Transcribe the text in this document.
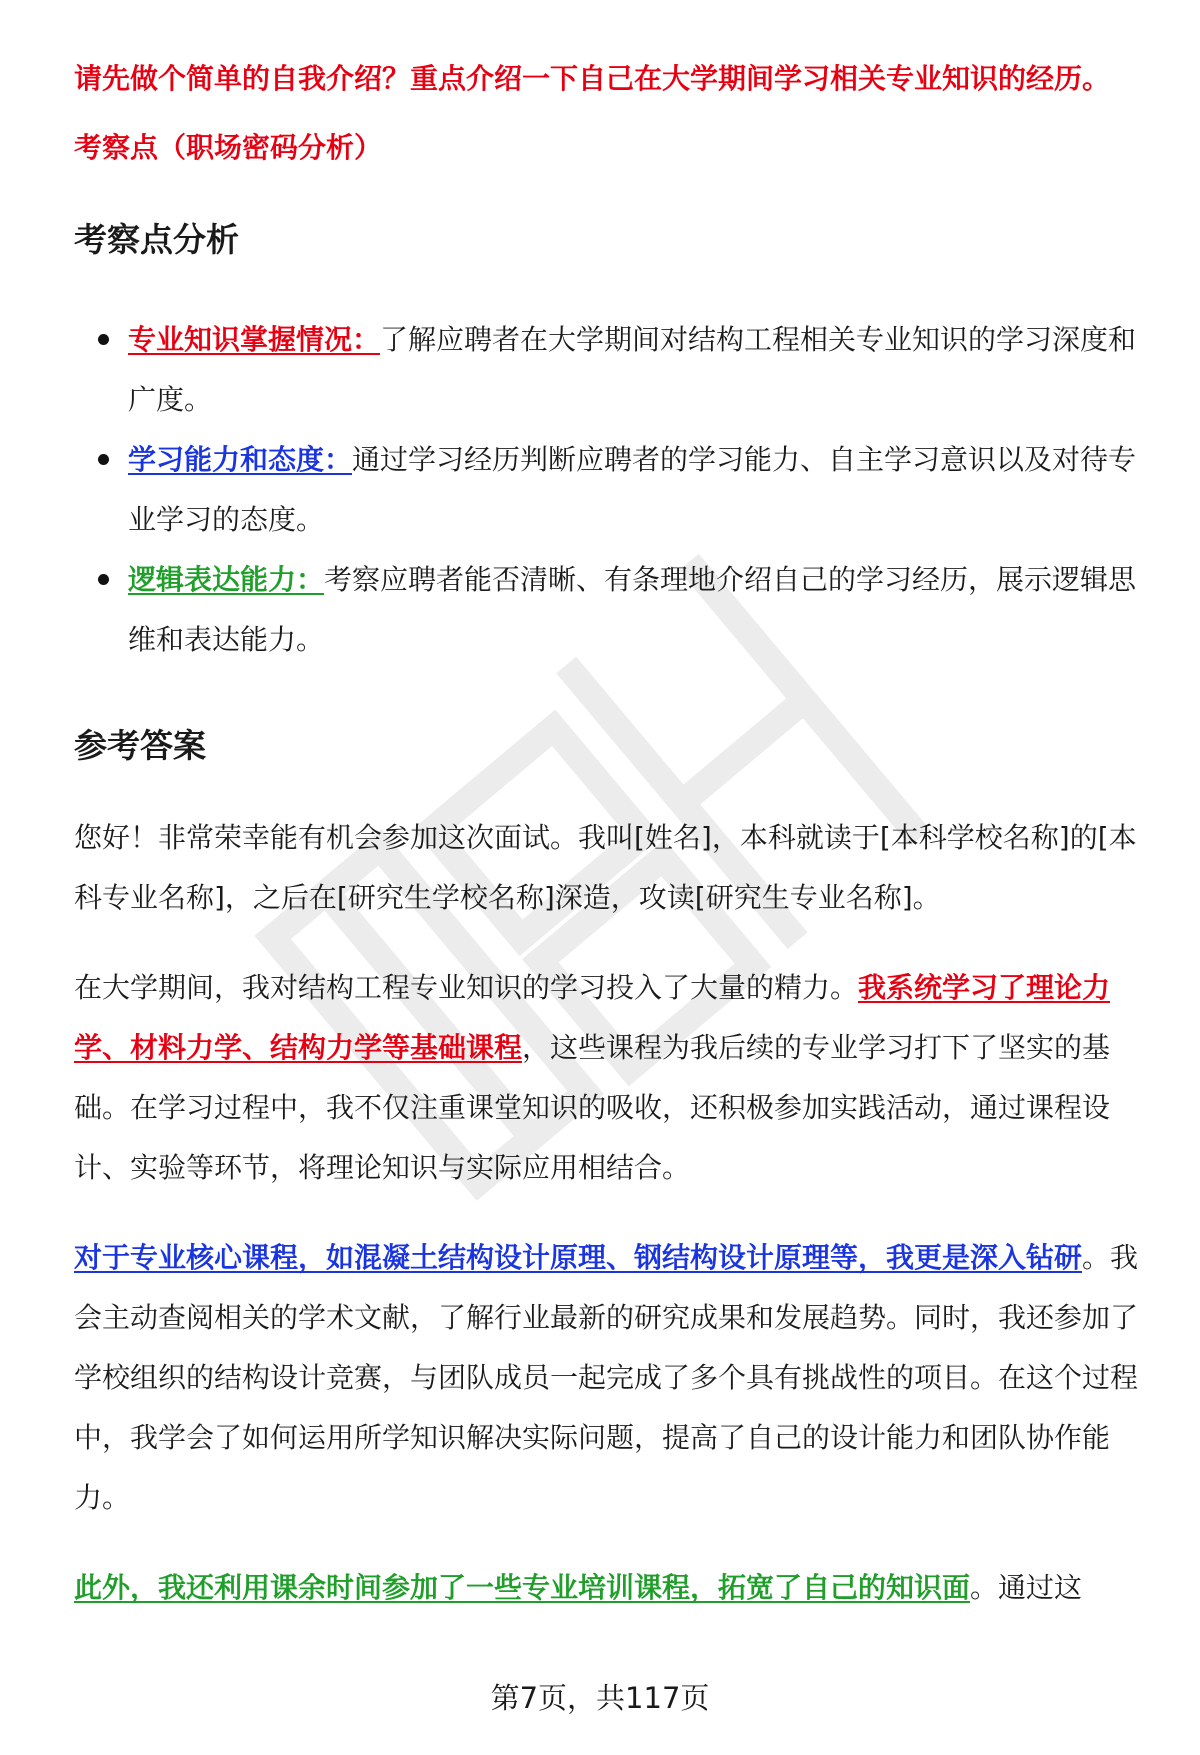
请先做个简单的自我介绍？重点介绍一下自己在大学期间学习相关专业知识的经历。

考察点（职场密码分析）

考察点分析
专业知识掌握情况：了解应聘者在大学期间对结构工程相关专业知识的学习深度和广度。
学习能力和态度：通过学习经历判断应聘者的学习能力、自主学习意识以及对待专业学习的态度。
逻辑表达能力：考察应聘者能否清晰、有条理地介绍自己的学习经历，展示逻辑思维和表达能力。
参考答案

您好！非常荣幸能有机会参加这次面试。我叫[姓名]，本科就读于[本科学校名称]的[本科专业名称]，之后在[研究生学校名称]深造，攻读[研究生专业名称]。

在大学期间，我对结构工程专业知识的学习投入了大量的精力。我系统学习了理论力学、材料力学、结构力学等基础课程，这些课程为我后续的专业学习打下了坚实的基础。在学习过程中，我不仅注重课堂知识的吸收，还积极参加实践活动，通过课程设计、实验等环节，将理论知识与实际应用相结合。

对于专业核心课程，如混凝土结构设计原理、钢结构设计原理等，我更是深入钻研。我会主动查阅相关的学术文献，了解行业最新的研究成果和发展趋势。同时，我还参加了学校组织的结构设计竞赛，与团队成员一起完成了多个具有挑战性的项目。在这个过程中，我学会了如何运用所学知识解决实际问题，提高了自己的设计能力和团队协作能力。

此外，我还利用课余时间参加了一些专业培训课程，拓宽了自己的知识面。通过这

第7页，共117页
